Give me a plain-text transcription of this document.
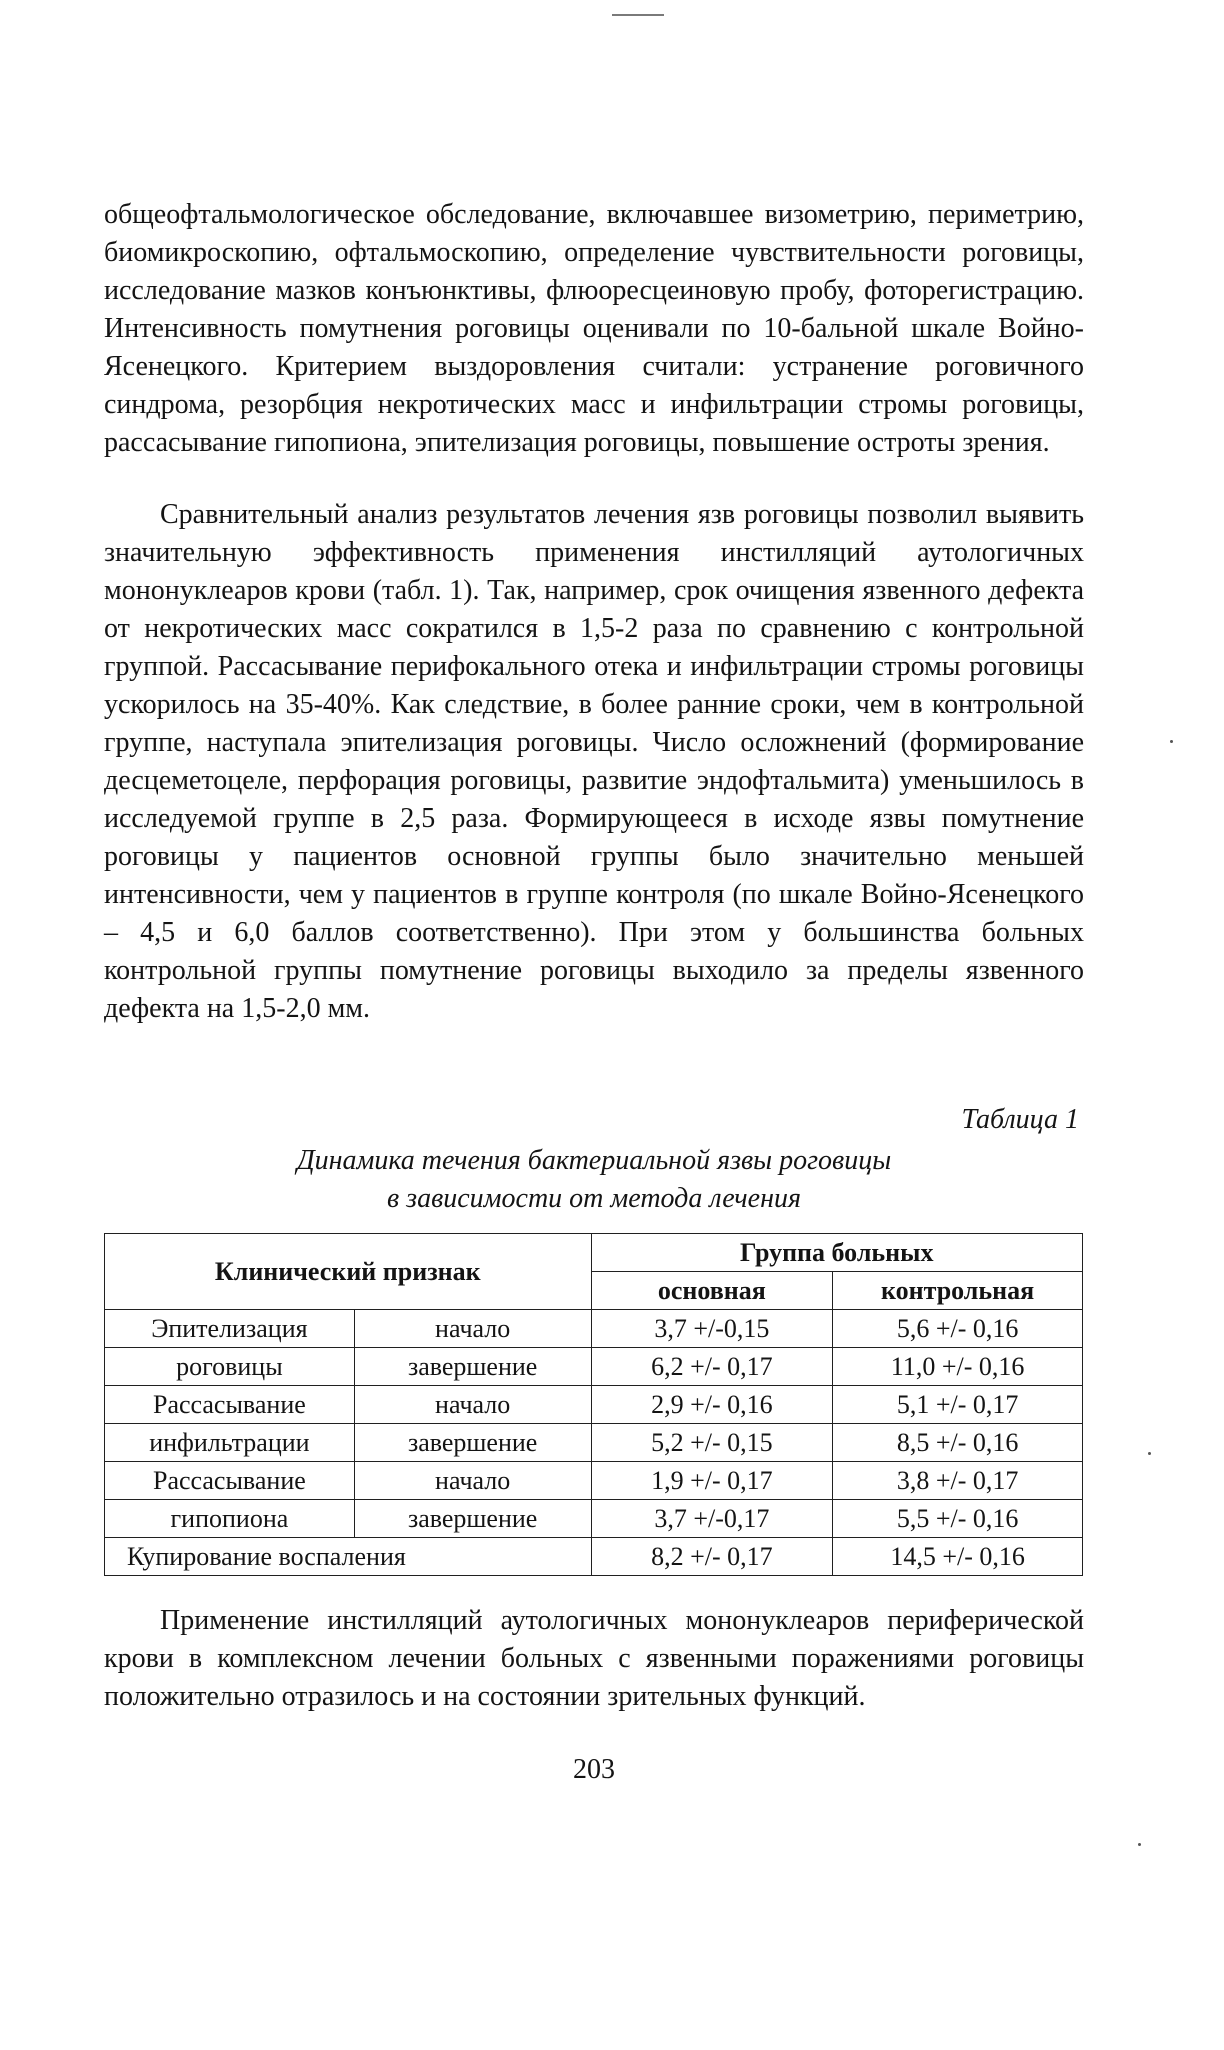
общеофтальмологическое обследование, включавшее визометрию, периметрию, биомикроскопию, офтальмоскопию, определение чувствительности роговицы, исследование мазков конъюнктивы, флюоресцеиновую пробу, фоторегистрацию. Интенсивность помутнения роговицы оценивали по 10-бальной шкале Войно-Ясенецкого. Критерием выздоровления считали: устранение роговичного синдрома, резорбция некротических масс и инфильтрации стромы роговицы, рассасывание гипопиона, эпителизация роговицы, повышение остроты зрения.

Сравнительный анализ результатов лечения язв роговицы позволил выявить значительную эффективность применения инстилляций аутологичных мононуклеаров крови (табл. 1). Так, например, срок очищения язвенного дефекта от некротических масс сократился в 1,5-2 раза по сравнению с контрольной группой. Рассасывание перифокального отека и инфильтрации стромы роговицы ускорилось на 35-40%. Как следствие, в более ранние сроки, чем в контрольной группе, наступала эпителизация роговицы. Число осложнений (формирование десцеметоцеле, перфорация роговицы, развитие эндофтальмита) уменьшилось в исследуемой группе в 2,5 раза. Формирующееся в исходе язвы помутнение роговицы у пациентов основной группы было значительно меньшей интенсивности, чем у пациентов в группе контроля (по шкале Войно-Ясенецкого – 4,5 и 6,0 баллов соответственно). При этом у большинства больных контрольной группы помутнение роговицы выходило за пределы язвенного дефекта на 1,5-2,0 мм.

Таблица 1
Динамика течения бактериальной язвы роговицы
в зависимости от метода лечения
Клинический признак		Группа больных	
		основная	контрольная
Эпителизация	начало	3,7 +/-0,15	5,6 +/- 0,16
роговицы	завершение	6,2 +/- 0,17	11,0 +/- 0,16
Рассасывание	начало	2,9 +/- 0,16	5,1 +/- 0,17
инфильтрации	завершение	5,2 +/- 0,15	8,5 +/- 0,16
Рассасывание	начало	1,9 +/- 0,17	3,8 +/- 0,17
гипопиона	завершение	3,7 +/-0,17	5,5 +/- 0,16
Купирование воспаления		8,2 +/- 0,17	14,5 +/- 0,16

Применение инстилляций аутологичных мононуклеаров периферической крови в комплексном лечении больных с язвенными поражениями роговицы положительно отразилось и на состоянии зрительных функций.

203
